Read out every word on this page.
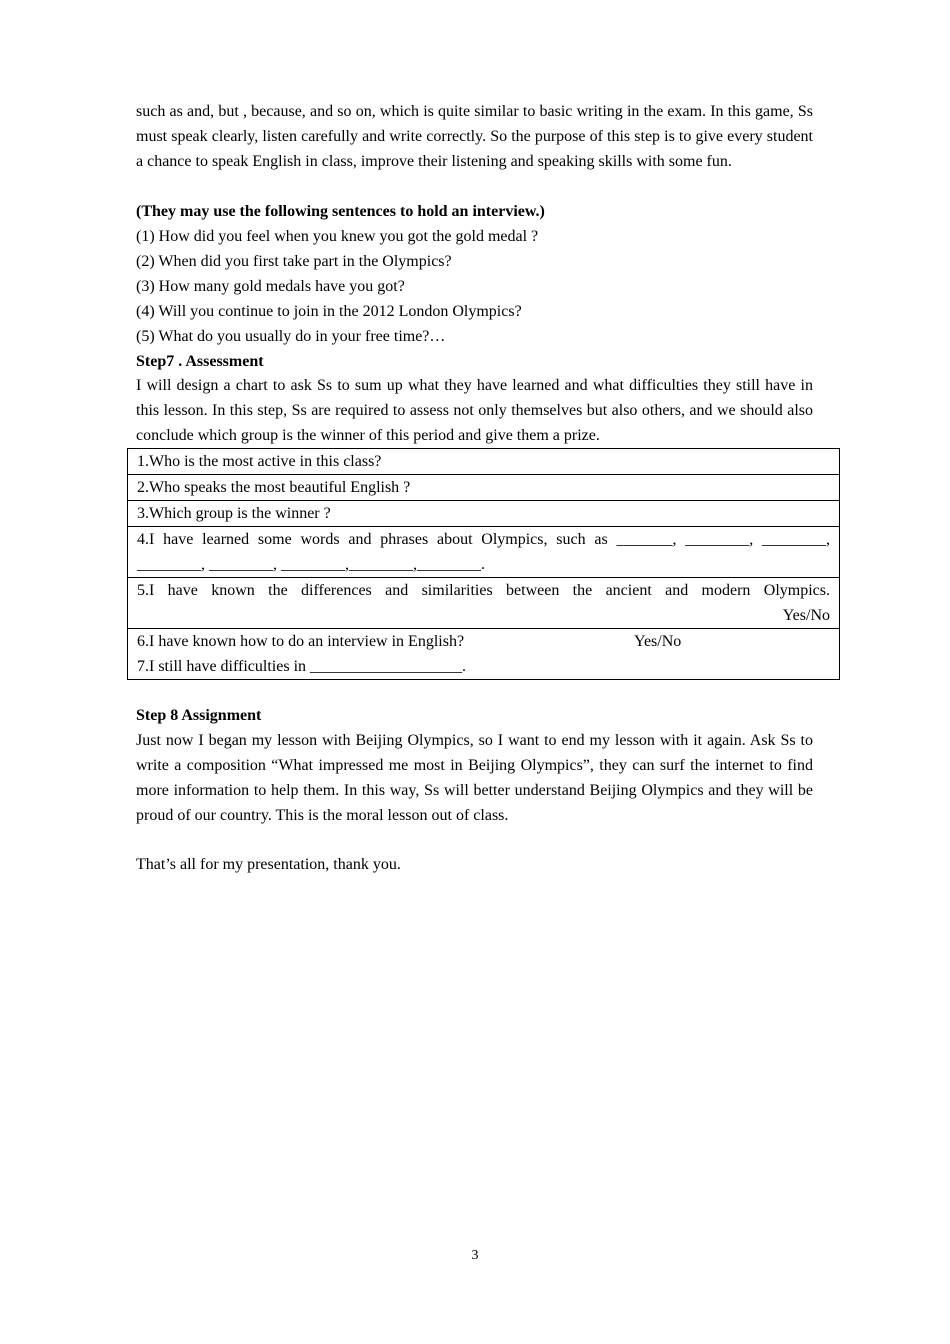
such as and, but , because, and so on, which is quite similar to basic writing in the exam. In this game, Ss must speak clearly, listen carefully and write correctly. So the purpose of this step is to give every student a chance to speak English in class, improve their listening and speaking skills with some fun.

(They may use the following sentences to hold an interview.)

(1) How did you feel when you knew you got the gold medal ?

(2) When did you first take part in the Olympics?

(3) How many gold medals have you got?

(4) Will you continue to join in the 2012 London Olympics?

(5) What do you usually do in your free time?…

Step7 . Assessment

I will design a chart to ask Ss to sum up what they have learned and what difficulties they still have in this lesson. In this step, Ss are required to assess not only themselves but also others, and we should also conclude which group is the winner of this period and give them a prize.

1.Who is the most active in this class?
2.Who speaks the most beautiful English ?
3.Which group is the winner ?
4.I have learned some words and phrases about Olympics, such as _______, ________, ________, ________, ________, ________,________,________.

5.I have known the differences and similarities between the ancient and modern Olympics.
Yes/No

6.I have known how to do an interview in English?	Yes/No
7.I still have difficulties in ___________________.

Step 8 Assignment

Just now I began my lesson with Beijing Olympics, so I want to end my lesson with it again. Ask Ss to write a composition “What impressed me most in Beijing Olympics”, they can surf the internet to find more information to help them. In this way, Ss will better understand Beijing Olympics and they will be proud of our country. This is the moral lesson out of class.

That’s all for my presentation, thank you.

3
